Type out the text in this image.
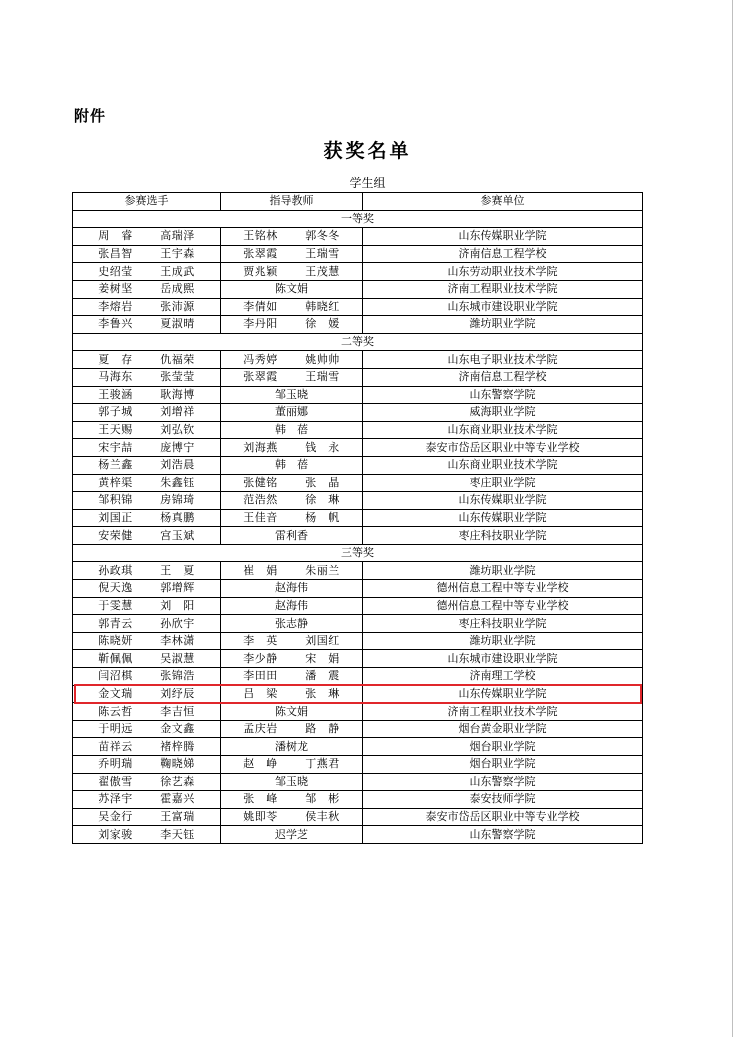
附件
获奖名单
学生组
参赛选手	指导教师	参赛单位
一等奖		
周　睿 高瑞泽	王铭林 郭冬冬	山东传媒职业学院
张昌智 王宇森	张翠霞 王瑞雪	济南信息工程学校
史绍莹 王成武	贾兆颖 王茂慧	山东劳动职业技术学院
姜树坚 岳成熙	陈文娟	济南工程职业技术学院
李熔岩 张沛源	李倩如 韩晓红	山东城市建设职业学院
李鲁兴 夏淑晴	李丹阳 徐　媛	潍坊职业学院
二等奖		
夏　存 仇福荣	冯秀婷 姚帅帅	山东电子职业技术学院
马海东 张莹莹	张翠霞 王瑞雪	济南信息工程学校
王骏涵 耿海博	邹玉晓	山东警察学院
郭子城 刘增祥	董丽娜	威海职业学院
王天赐 刘弘钦	韩　蓓	山东商业职业技术学院
宋宇喆 庞博宁	刘海燕 钱　永	泰安市岱岳区职业中等专业学校
杨兰鑫 刘浩晨	韩　蓓	山东商业职业技术学院
黄梓渠 朱鑫钰	张健铭 张　晶	枣庄职业学院
邹积锦 房锦琦	范浩然 徐　琳	山东传媒职业学院
刘国正 杨真鹏	王佳音 杨　帆	山东传媒职业学院
安荣健 宫玉斌	雷利香	枣庄科技职业学院
三等奖		
孙政琪 王　夏	崔　娟 朱丽兰	潍坊职业学院
倪天逸 郭增辉	赵海伟	德州信息工程中等专业学校
于雯慧 刘　阳	赵海伟	德州信息工程中等专业学校
郭青云 孙欣宇	张志静	枣庄科技职业学院
陈晓妍 李林潇	李　英 刘国红	潍坊职业学院
靳佩佩 吴淑慧	李少静 宋　娟	山东城市建设职业学院
闫沼棋 张锦浩	李田田 潘　震	济南理工学校
金文瑞 刘纾辰	吕　梁 张　琳	山东传媒职业学院
陈云哲 李吉恒	陈文娟	济南工程职业技术学院
于明远 金文鑫	孟庆岩 路　静	烟台黄金职业学院
苗祥云 褚梓腾	潘树龙	烟台职业学院
乔明瑞 鞠晓娣	赵　峥 丁燕君	烟台职业学院
翟傲雪 徐艺森	邹玉晓	山东警察学院
苏泽宇 霍嘉兴	张　峰 邹　彬	泰安技师学院
吴金行 王富瑞	姚即苓 侯丰秋	泰安市岱岳区职业中等专业学校
刘家骏 李天钰	迟学芝	山东警察学院
